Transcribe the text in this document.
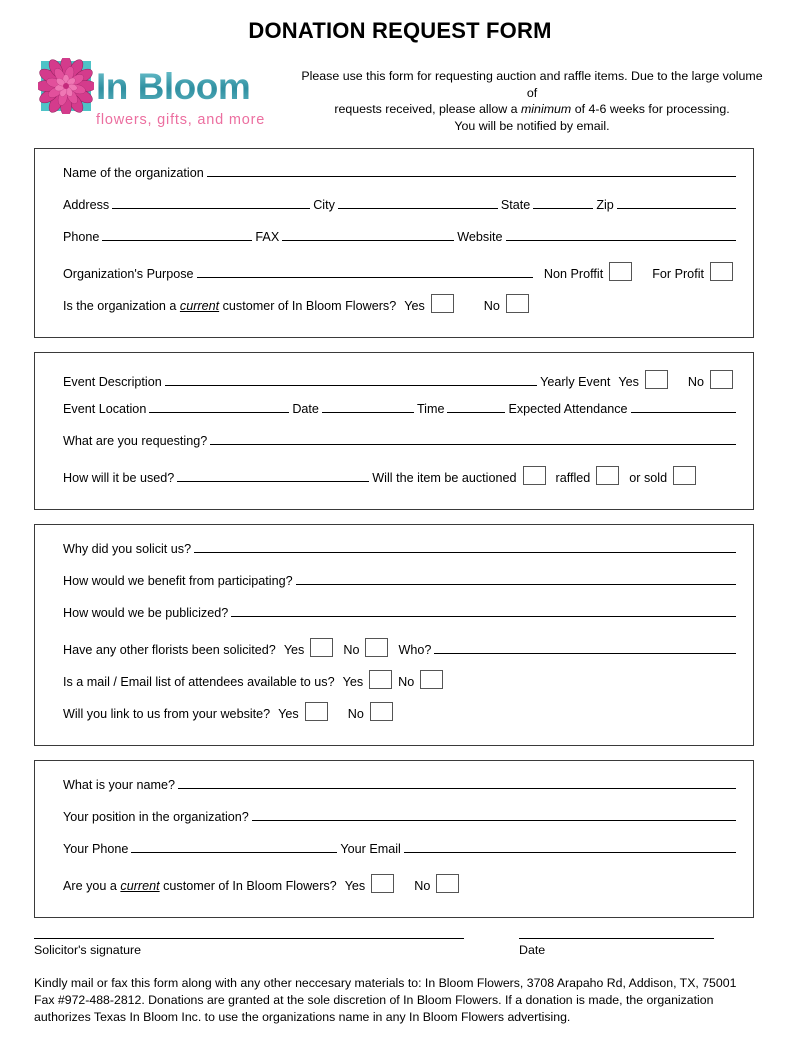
DONATION REQUEST FORM
In Bloom
flowers, gifts, and more
Please use this form for requesting auction and raffle items. Due to the large volume of
requests received, please allow a minimum of 4-6 weeks for processing.
You will be notified by email.
Name of the organization
Address	City	State	Zip
Phone	FAX	Website
Organization's Purpose	Non Proffit	For Profit
Is the organization a current customer of In Bloom Flowers? Yes	No
Event Description	Yearly Event Yes	No
Event Location	Date	Time	Expected Attendance
What are you requesting?
How will it be used?	Will the item be auctioned	raffled	or sold
Why did you solicit us?
How would we benefit from participating?
How would we be publicized?
Have any other florists been solicited? Yes	No	Who?
Is a mail / Email list of attendees available to us? Yes	No
Will you link to us from your website? Yes	No
What is your name?
Your position in the organization?
Your Phone	Your Email
Are you a current customer of In Bloom Flowers? Yes	No
Solicitor's signature	Date
Kindly mail or fax this form along with any other neccesary materials to: In Bloom Flowers, 3708 Arapaho Rd, Addison, TX, 75001
Fax #972-488-2812. Donations are granted at the sole discretion of In Bloom Flowers. If a donation is made, the organization
authorizes Texas In Bloom Inc. to use the organizations name in any In Bloom Flowers advertising.
